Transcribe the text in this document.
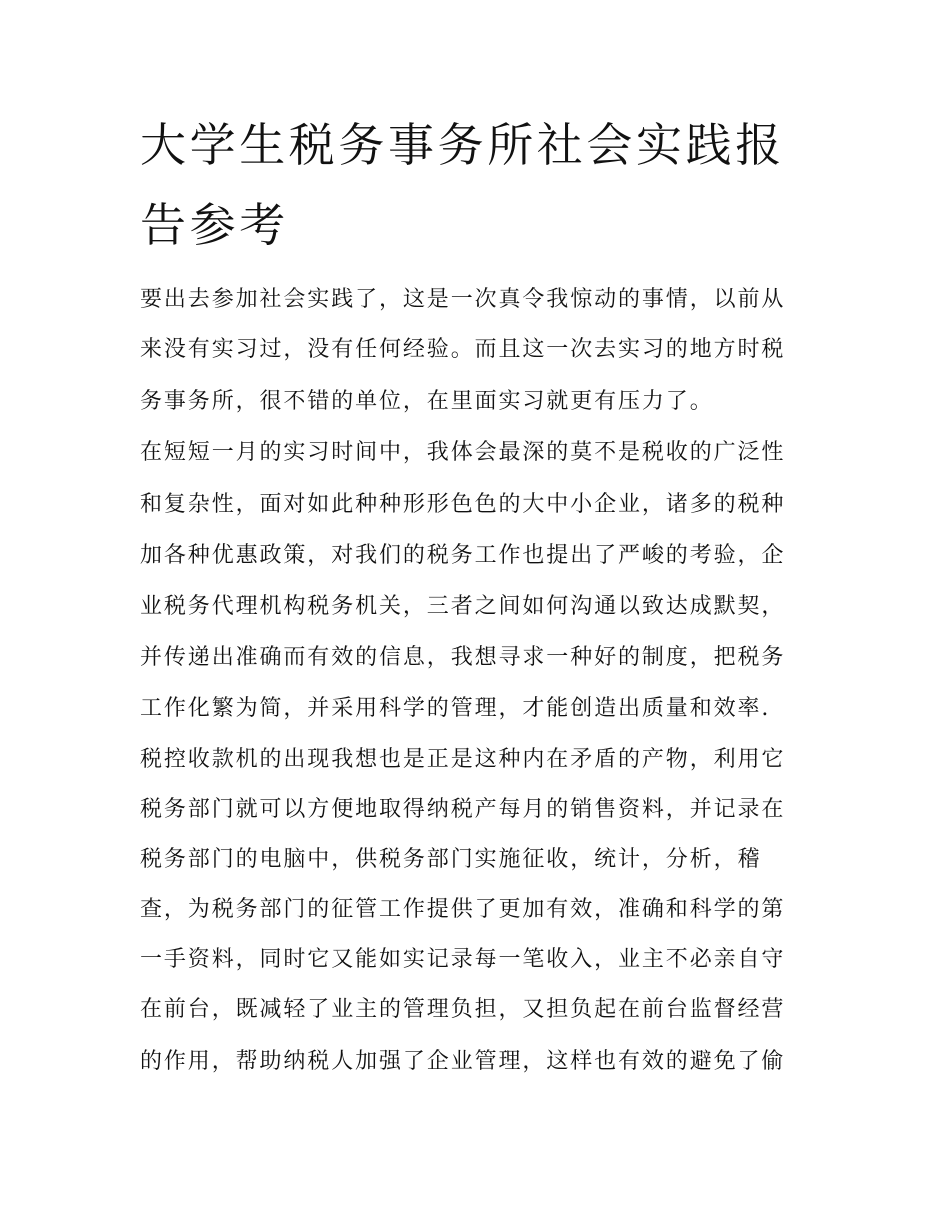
大学生税务事务所社会实践报
告参考
要出去参加社会实践了，这是一次真令我惊动的事情，以前从
来没有实习过，没有任何经验。而且这一次去实习的地方时税
务事务所，很不错的单位，在里面实习就更有压力了。
在短短一月的实习时间中，我体会最深的莫不是税收的广泛性
和复杂性，面对如此种种形形色色的大中小企业，诸多的税种
加各种优惠政策，对我们的税务工作也提出了严峻的考验，企
业税务代理机构税务机关，三者之间如何沟通以致达成默契，
并传递出准确而有效的信息，我想寻求一种好的制度，把税务
工作化繁为简，并采用科学的管理，才能创造出质量和效率.
税控收款机的出现我想也是正是这种内在矛盾的产物，利用它
税务部门就可以方便地取得纳税产每月的销售资料，并记录在
税务部门的电脑中，供税务部门实施征收，统计，分析，稽
查，为税务部门的征管工作提供了更加有效，准确和科学的第
一手资料，同时它又能如实记录每一笔收入，业主不必亲自守
在前台，既减轻了业主的管理负担，又担负起在前台监督经营
的作用，帮助纳税人加强了企业管理，这样也有效的避免了偷
